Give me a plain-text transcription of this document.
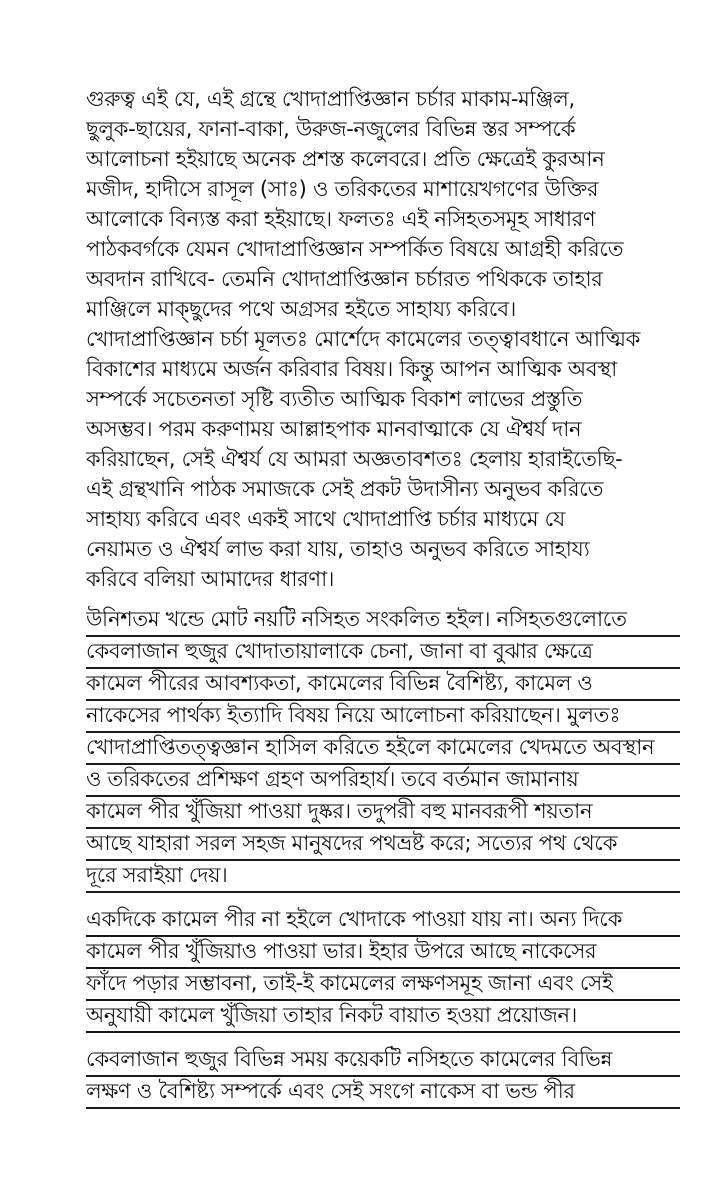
গুরুত্ব এই যে, এই গ্রন্থে খোদাপ্রাপ্তিজ্ঞান চর্চার মাকাম-মঞ্জিল,
ছুলুক-ছায়ের, ফানা-বাকা, উরুজ-নজুলের বিভিন্ন স্তর সম্পর্কে
আলোচনা হইয়াছে অনেক প্রশস্ত কলেবরে। প্রতি ক্ষেত্রেই কুরআন
মজীদ, হাদীসে রাসূল (সাঃ) ও তরিকতের মাশায়েখগণের উক্তির
আলোকে বিন্যস্ত করা হইয়াছে। ফলতঃ এই নসিহতসমূহ সাধারণ
পাঠকবর্গকে যেমন খোদাপ্রাপ্তিজ্ঞান সম্পর্কিত বিষয়ে আগ্রহী করিতে
অবদান রাখিবে- তেমনি খোদাপ্রাপ্তিজ্ঞান চর্চারত পথিককে তাহার
মাঞ্জিলে মাক্ছুদের পথে অগ্রসর হইতে সাহায্য করিবে।
খোদাপ্রাপ্তিজ্ঞান চর্চা মূলতঃ মোর্শেদে কামেলের তত্ত্বাবধানে আত্মিক
বিকাশের মাধ্যমে অর্জন করিবার বিষয়। কিন্তু আপন আত্মিক অবস্থা
সম্পর্কে সচেতনতা সৃষ্টি ব্যতীত আত্মিক বিকাশ লাভের প্রস্তুতি
অসম্ভব। পরম করুণাময় আল্লাহপাক মানবাত্মাকে যে ঐশ্বর্য দান
করিয়াছেন, সেই ঐশ্বর্য যে আমরা অজ্ঞতাবশতঃ হেলায় হারাইতেছি-
এই গ্রন্থখানি পাঠক সমাজকে সেই প্রকট উদাসীন্য অনুভব করিতে
সাহায্য করিবে এবং একই সাথে খোদাপ্রাপ্তি চর্চার মাধ্যমে যে
নেয়ামত ও ঐশ্বর্য লাভ করা যায়, তাহাও অনুভব করিতে সাহায্য
করিবে বলিয়া আমাদের ধারণা।
উনিশতম খন্ডে মোট নয়টি নসিহত সংকলিত হইল। নসিহতগুলোতে
কেবলাজান হুজুর খোদাতায়ালাকে চেনা, জানা বা বুঝার ক্ষেত্রে
কামেল পীরের আবশ্যকতা, কামেলের বিভিন্ন বৈশিষ্ট্য, কামেল ও
নাকেসের পার্থক্য ইত্যাদি বিষয় নিয়ে আলোচনা করিয়াছেন। মুলতঃ
খোদাপ্রাপ্তিতত্ত্বজ্ঞান হাসিল করিতে হইলে কামেলের খেদমতে অবস্থান
ও তরিকতের প্রশিক্ষণ গ্রহণ অপরিহার্য। তবে বর্তমান জামানায়
কামেল পীর খুঁজিয়া পাওয়া দুষ্কর। তদুপরী বহু মানবরূপী শয়তান
আছে যাহারা সরল সহজ মানুষদের পথভ্রষ্ট করে; সত্যের পথ থেকে
দূরে সরাইয়া দেয়।
একদিকে কামেল পীর না হইলে খোদাকে পাওয়া যায় না। অন্য দিকে
কামেল পীর খুঁজিয়াও পাওয়া ভার। ইহার উপরে আছে নাকেসের
ফাঁদে পড়ার সম্ভাবনা, তাই-ই কামেলের লক্ষণসমূহ জানা এবং সেই
অনুযায়ী কামেল খুঁজিয়া তাহার নিকট বায়াত হওয়া প্রয়োজন।
কেবলাজান হুজুর বিভিন্ন সময় কয়েকটি নসিহতে কামেলের বিভিন্ন
লক্ষণ ও বৈশিষ্ট্য সম্পর্কে এবং সেই সংগে নাকেস বা ভন্ড পীর
